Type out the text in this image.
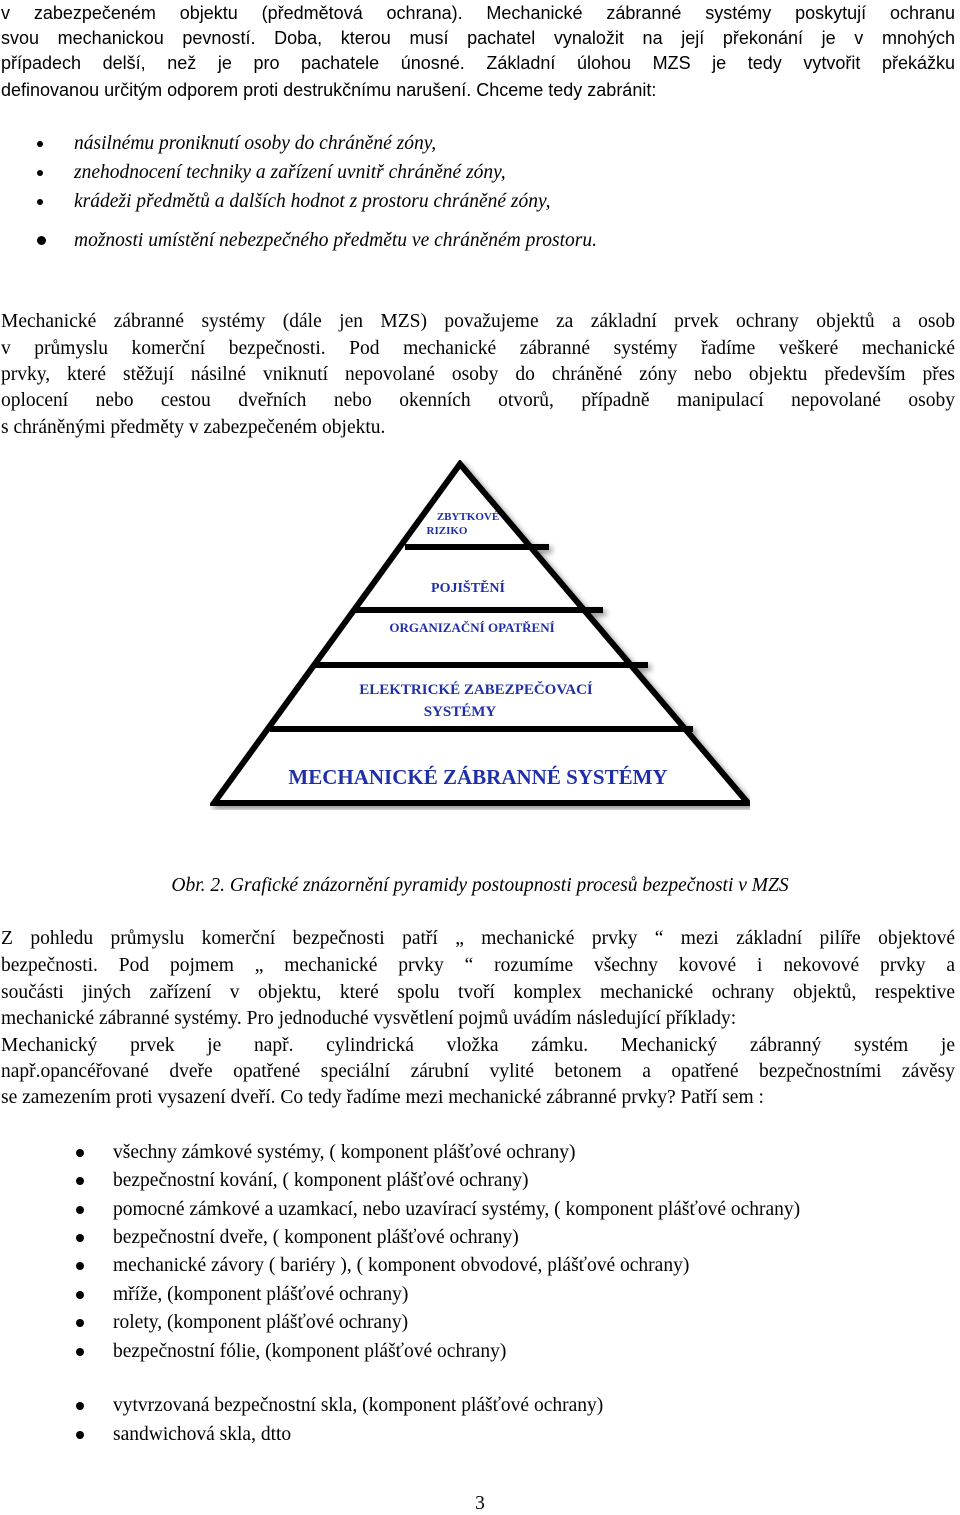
v zabezpečeném objektu (předmětová ochrana). Mechanické zábranné systémy poskytují ochranu
svou mechanickou pevností. Doba, kterou musí pachatel vynaložit na její překonání je v mnohých
případech delší, než je pro pachatele únosné. Základní úlohou MZS je tedy vytvořit překážku
definovanou určitým odporem proti destrukčnímu narušení. Chceme tedy zabránit:
násilnému proniknutí osoby do chráněné zóny,
znehodnocení techniky a zařízení uvnitř chráněné zóny,
krádeži předmětů a dalších hodnot z prostoru chráněné zóny,
možnosti umístění nebezpečného předmětu ve chráněném prostoru.
Mechanické zábranné systémy (dále jen MZS) považujeme za základní prvek ochrany objektů a osob
v průmyslu komerční bezpečnosti. Pod mechanické zábranné systémy řadíme veškeré mechanické
prvky, které stěžují násilné vniknutí nepovolané osoby do chráněné zóny nebo objektu především přes
oplocení nebo cestou dveřních nebo okenních otvorů, případně manipulací nepovolané osoby
s chráněnými předměty v zabezpečeném objektu.
ZBYTKOVÉ
RIZIKO
POJIŠTĚNÍ
ORGANIZAČNÍ OPATŘENÍ
ELEKTRICKÉ ZABEZPEČOVACÍ
SYSTÉMY
MECHANICKÉ ZÁBRANNÉ SYSTÉMY
Obr. 2. Grafické znázornění pyramidy postoupnosti procesů bezpečnosti v MZS
Z pohledu průmyslu komerční bezpečnosti patří „ mechanické prvky “ mezi základní pilíře objektové
bezpečnosti. Pod pojmem „ mechanické prvky “ rozumíme všechny kovové i nekovové prvky a
součásti jiných zařízení v objektu, které spolu tvoří komplex mechanické ochrany objektů, respektive
mechanické zábranné systémy. Pro jednoduché vysvětlení pojmů uvádím následující příklady:
Mechanický prvek je např. cylindrická vložka zámku. Mechanický zábranný systém je
např.opancéřované dveře opatřené speciální zárubní vylité betonem a opatřené bezpečnostními závěsy
se zamezením proti vysazení dveří. Co tedy řadíme mezi mechanické zábranné prvky? Patří sem :
všechny zámkové systémy, ( komponent plášťové ochrany)
bezpečnostní kování, ( komponent plášťové ochrany)
pomocné zámkové a uzamkací, nebo uzavírací systémy, ( komponent plášťové ochrany)
bezpečnostní dveře, ( komponent plášťové ochrany)
mechanické závory ( bariéry ), ( komponent obvodové, plášťové ochrany)
mříže, (komponent plášťové ochrany)
rolety, (komponent plášťové ochrany)
bezpečnostní fólie, (komponent plášťové ochrany)
vytvrzovaná bezpečnostní skla, (komponent plášťové ochrany)
sandwichová skla, dtto
3
